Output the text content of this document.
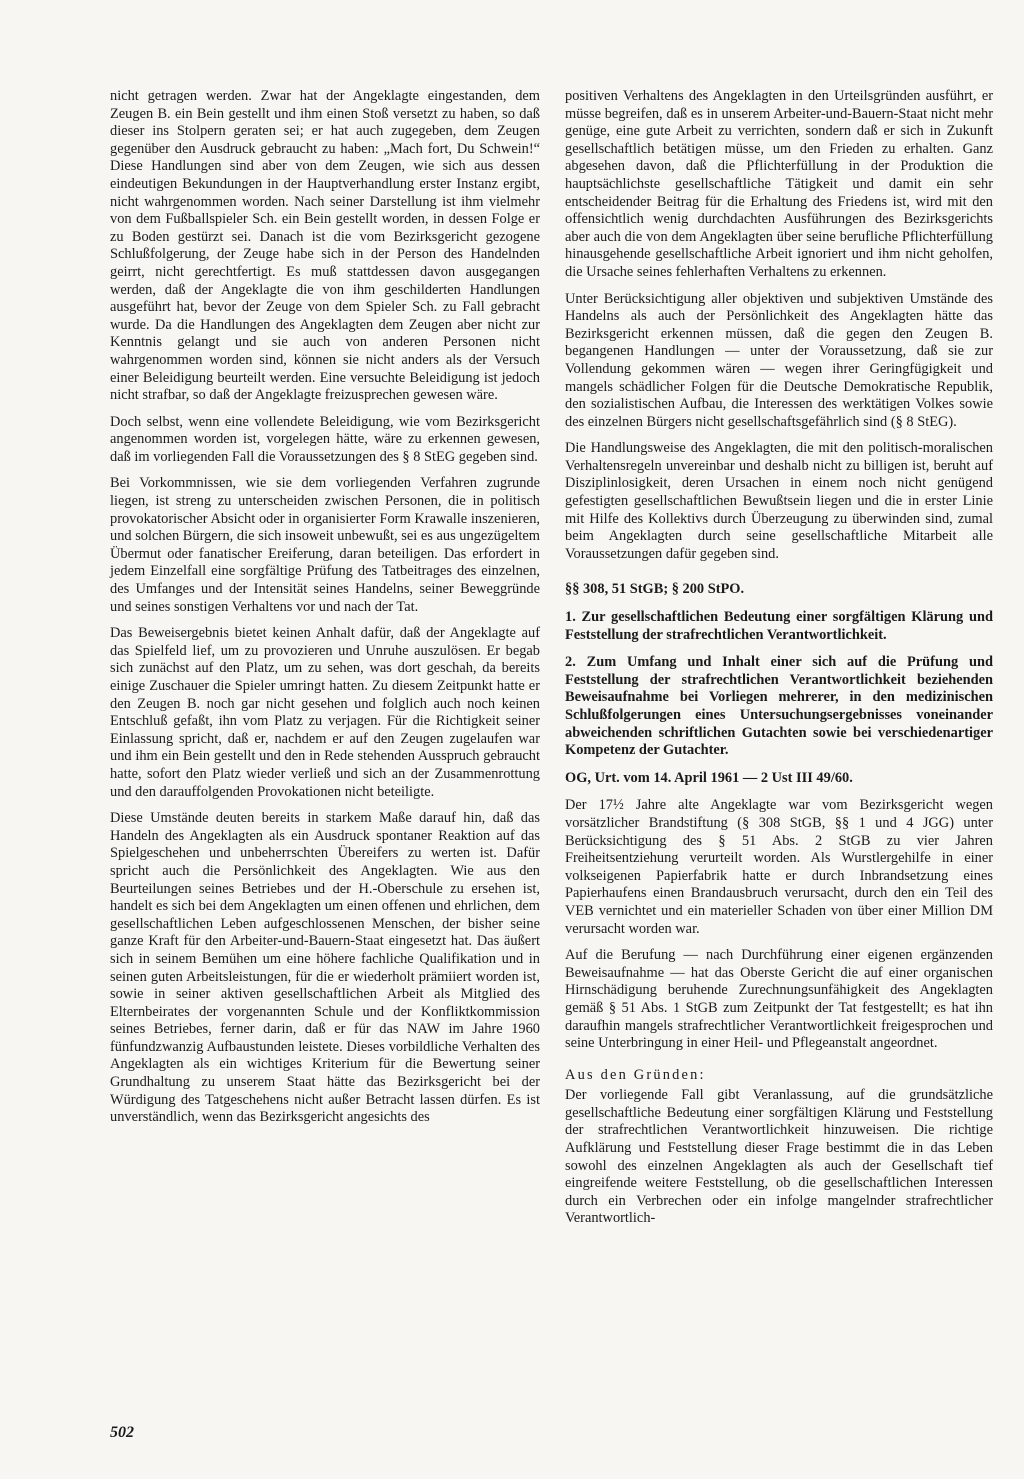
nicht getragen werden. Zwar hat der Angeklagte eingestanden, dem Zeugen B. ein Bein gestellt und ihm einen Stoß versetzt zu haben, so daß dieser ins Stolpern geraten sei; er hat auch zugegeben, dem Zeugen gegenüber den Ausdruck gebraucht zu haben: „Mach fort, Du Schwein!“ Diese Handlungen sind aber von dem Zeugen, wie sich aus dessen eindeutigen Bekundungen in der Hauptverhandlung erster Instanz ergibt, nicht wahrgenommen worden. Nach seiner Darstellung ist ihm vielmehr von dem Fußballspieler Sch. ein Bein gestellt worden, in dessen Folge er zu Boden gestürzt sei. Danach ist die vom Bezirksgericht gezogene Schlußfolgerung, der Zeuge habe sich in der Person des Handelnden geirrt, nicht gerechtfertigt. Es muß stattdessen davon ausgegangen werden, daß der Angeklagte die von ihm geschilderten Handlungen ausgeführt hat, bevor der Zeuge von dem Spieler Sch. zu Fall gebracht wurde. Da die Handlungen des Angeklagten dem Zeugen aber nicht zur Kenntnis gelangt und sie auch von anderen Personen nicht wahrgenommen worden sind, können sie nicht anders als der Versuch einer Beleidigung beurteilt werden. Eine versuchte Beleidigung ist jedoch nicht strafbar, so daß der Angeklagte freizusprechen gewesen wäre.

Doch selbst, wenn eine vollendete Beleidigung, wie vom Bezirksgericht angenommen worden ist, vorgelegen hätte, wäre zu erkennen gewesen, daß im vorliegenden Fall die Voraussetzungen des § 8 StEG gegeben sind.

Bei Vorkommnissen, wie sie dem vorliegenden Verfahren zugrunde liegen, ist streng zu unterscheiden zwischen Personen, die in politisch provokatorischer Absicht oder in organisierter Form Krawalle inszenieren, und solchen Bürgern, die sich insoweit unbewußt, sei es aus ungezügeltem Übermut oder fanatischer Ereiferung, daran beteiligen. Das erfordert in jedem Einzelfall eine sorgfältige Prüfung des Tatbeitrages des einzelnen, des Umfanges und der Intensität seines Handelns, seiner Beweggründe und seines sonstigen Verhaltens vor und nach der Tat.

Das Beweisergebnis bietet keinen Anhalt dafür, daß der Angeklagte auf das Spielfeld lief, um zu provozieren und Unruhe auszulösen. Er begab sich zunächst auf den Platz, um zu sehen, was dort geschah, da bereits einige Zuschauer die Spieler umringt hatten. Zu diesem Zeitpunkt hatte er den Zeugen B. noch gar nicht gesehen und folglich auch noch keinen Entschluß gefaßt, ihn vom Platz zu verjagen. Für die Richtigkeit seiner Einlassung spricht, daß er, nachdem er auf den Zeugen zugelaufen war und ihm ein Bein gestellt und den in Rede stehenden Ausspruch gebraucht hatte, sofort den Platz wieder verließ und sich an der Zusammenrottung und den darauffolgenden Provokationen nicht beteiligte.

Diese Umstände deuten bereits in starkem Maße darauf hin, daß das Handeln des Angeklagten als ein Ausdruck spontaner Reaktion auf das Spielgeschehen und unbeherrschten Übereifers zu werten ist. Dafür spricht auch die Persönlichkeit des Angeklagten. Wie aus den Beurteilungen seines Betriebes und der H.-Oberschule zu ersehen ist, handelt es sich bei dem Angeklagten um einen offenen und ehrlichen, dem gesellschaftlichen Leben aufgeschlossenen Menschen, der bisher seine ganze Kraft für den Arbeiter-und-Bauern-Staat eingesetzt hat. Das äußert sich in seinem Bemühen um eine höhere fachliche Qualifikation und in seinen guten Arbeitsleistungen, für die er wiederholt prämiiert worden ist, sowie in seiner aktiven gesellschaftlichen Arbeit als Mitglied des Elternbeirates der vorgenannten Schule und der Konfliktkommission seines Betriebes, ferner darin, daß er für das NAW im Jahre 1960 fünfundzwanzig Aufbaustunden leistete. Dieses vorbildliche Verhalten des Angeklagten als ein wichtiges Kriterium für die Bewertung seiner Grundhaltung zu unserem Staat hätte das Bezirksgericht bei der Würdigung des Tatgeschehens nicht außer Betracht lassen dürfen. Es ist unverständlich, wenn das Bezirksgericht angesichts des

positiven Verhaltens des Angeklagten in den Urteilsgründen ausführt, er müsse begreifen, daß es in unserem Arbeiter-und-Bauern-Staat nicht mehr genüge, eine gute Arbeit zu verrichten, sondern daß er sich in Zukunft gesellschaftlich betätigen müsse, um den Frieden zu erhalten. Ganz abgesehen davon, daß die Pflichterfüllung in der Produktion die hauptsächlichste gesellschaftliche Tätigkeit und damit ein sehr entscheidender Beitrag für die Erhaltung des Friedens ist, wird mit den offensichtlich wenig durchdachten Ausführungen des Bezirksgerichts aber auch die von dem Angeklagten über seine berufliche Pflichterfüllung hinausgehende gesellschaftliche Arbeit ignoriert und ihm nicht geholfen, die Ursache seines fehlerhaften Verhaltens zu erkennen.

Unter Berücksichtigung aller objektiven und subjektiven Umstände des Handelns als auch der Persönlichkeit des Angeklagten hätte das Bezirksgericht erkennen müssen, daß die gegen den Zeugen B. begangenen Handlungen — unter der Voraussetzung, daß sie zur Vollendung gekommen wären — wegen ihrer Geringfügigkeit und mangels schädlicher Folgen für die Deutsche Demokratische Republik, den sozialistischen Aufbau, die Interessen des werktätigen Volkes sowie des einzelnen Bürgers nicht gesellschaftsgefährlich sind (§ 8 StEG).

Die Handlungsweise des Angeklagten, die mit den politisch-moralischen Verhaltensregeln unvereinbar und deshalb nicht zu billigen ist, beruht auf Disziplinlosigkeit, deren Ursachen in einem noch nicht genügend gefestigten gesellschaftlichen Bewußtsein liegen und die in erster Linie mit Hilfe des Kollektivs durch Überzeugung zu überwinden sind, zumal beim Angeklagten durch seine gesellschaftliche Mitarbeit alle Voraussetzungen dafür gegeben sind.

§§ 308, 51 StGB; § 200 StPO.

1. Zur gesellschaftlichen Bedeutung einer sorgfältigen Klärung und Feststellung der strafrechtlichen Verantwortlichkeit.

2. Zum Umfang und Inhalt einer sich auf die Prüfung und Feststellung der strafrechtlichen Verantwortlichkeit beziehenden Beweisaufnahme bei Vorliegen mehrerer, in den medizinischen Schlußfolgerungen eines Untersuchungsergebnisses voneinander abweichenden schriftlichen Gutachten sowie bei verschiedenartiger Kompetenz der Gutachter.

OG, Urt. vom 14. April 1961 — 2 Ust III 49/60.

Der 17½ Jahre alte Angeklagte war vom Bezirksgericht wegen vorsätzlicher Brandstiftung (§ 308 StGB, §§ 1 und 4 JGG) unter Berücksichtigung des § 51 Abs. 2 StGB zu vier Jahren Freiheitsentziehung verurteilt worden. Als Wurstlergehilfe in einer volkseigenen Papierfabrik hatte er durch Inbrandsetzung eines Papierhaufens einen Brandausbruch verursacht, durch den ein Teil des VEB vernichtet und ein materieller Schaden von über einer Million DM verursacht worden war.

Auf die Berufung — nach Durchführung einer eigenen ergänzenden Beweisaufnahme — hat das Oberste Gericht die auf einer organischen Hirnschädigung beruhende Zurechnungsunfähigkeit des Angeklagten gemäß § 51 Abs. 1 StGB zum Zeitpunkt der Tat festgestellt; es hat ihn daraufhin mangels strafrechtlicher Verantwortlichkeit freigesprochen und seine Unterbringung in einer Heil- und Pflegeanstalt angeordnet.

Aus den Gründen:

Der vorliegende Fall gibt Veranlassung, auf die grundsätzliche gesellschaftliche Bedeutung einer sorgfältigen Klärung und Feststellung der strafrechtlichen Verantwortlichkeit hinzuweisen. Die richtige Aufklärung und Feststellung dieser Frage bestimmt die in das Leben sowohl des einzelnen Angeklagten als auch der Gesellschaft tief eingreifende weitere Feststellung, ob die gesellschaftlichen Interessen durch ein Verbrechen oder ein infolge mangelnder strafrechtlicher Verantwortlich-

502
